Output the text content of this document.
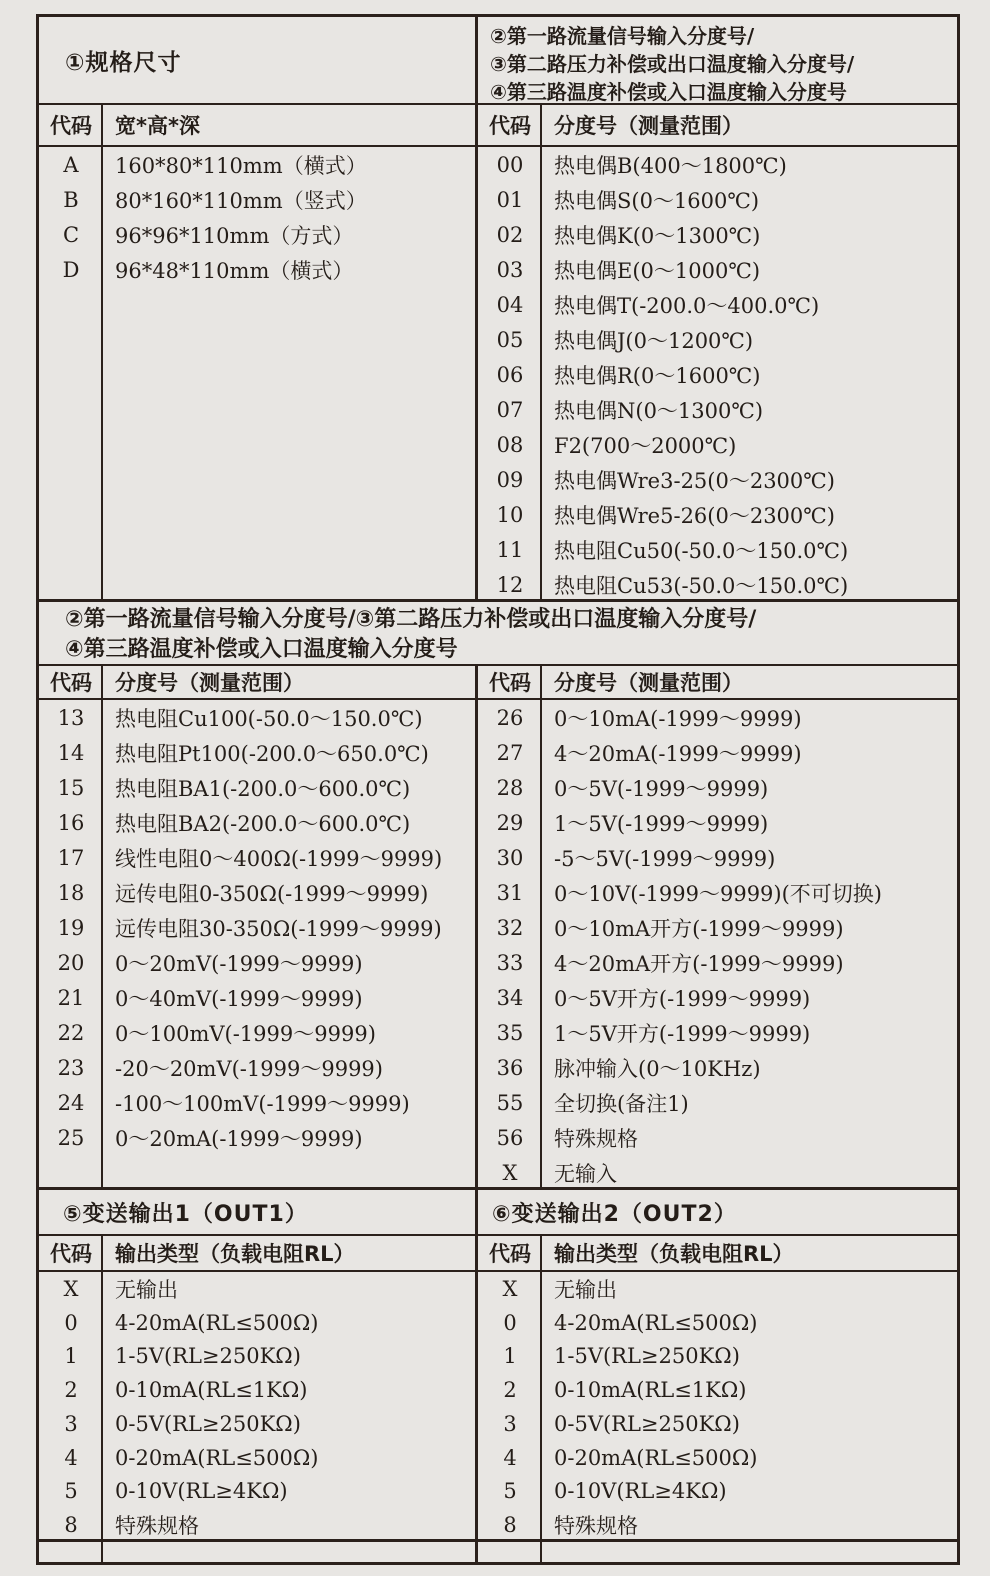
①规格尺寸
②第一路流量信号输入分度号/
③第二路压力补偿或出口温度输入分度号/
④第三路温度补偿或入口温度输入分度号
代码	宽*高*深	代码	分度号（测量范围）
A	160*80*110mm（横式）
B	80*160*110mm（竖式）
C	96*96*110mm（方式）
D	96*48*110mm（横式）
00	热电偶B(400～1800℃)
01	热电偶S(0～1600℃)
02	热电偶K(0～1300℃)
03	热电偶E(0～1000℃)
04	热电偶T(-200.0～400.0℃)
05	热电偶J(0～1200℃)
06	热电偶R(0～1600℃)
07	热电偶N(0～1300℃)
08	F2(700～2000℃)
09	热电偶Wre3-25(0～2300℃)
10	热电偶Wre5-26(0～2300℃)
11	热电阻Cu50(-50.0～150.0℃)
12	热电阻Cu53(-50.0～150.0℃)
②第一路流量信号输入分度号/③第二路压力补偿或出口温度输入分度号/
④第三路温度补偿或入口温度输入分度号
代码	分度号（测量范围）	代码	分度号（测量范围）
13	热电阻Cu100(-50.0～150.0℃)
14	热电阻Pt100(-200.0～650.0℃)
15	热电阻BA1(-200.0～600.0℃)
16	热电阻BA2(-200.0～600.0℃)
17	线性电阻0～400Ω(-1999～9999)
18	远传电阻0-350Ω(-1999～9999)
19	远传电阻30-350Ω(-1999～9999)
20	0～20mV(-1999～9999)
21	0～40mV(-1999～9999)
22	0～100mV(-1999～9999)
23	-20～20mV(-1999～9999)
24	-100～100mV(-1999～9999)
25	0～20mA(-1999～9999)
26	0～10mA(-1999～9999)
27	4～20mA(-1999～9999)
28	0～5V(-1999～9999)
29	1～5V(-1999～9999)
30	-5～5V(-1999～9999)
31	0～10V(-1999～9999)(不可切换)
32	0～10mA开方(-1999～9999)
33	4～20mA开方(-1999～9999)
34	0～5V开方(-1999～9999)
35	1～5V开方(-1999～9999)
36	脉冲输入(0～10KHz)
55	全切换(备注1)
56	特殊规格
X	无输入
⑤变送输出1（OUT1）	⑥变送输出2（OUT2）
代码	输出类型（负载电阻RL）	代码	输出类型（负载电阻RL）
X	无输出
0	4-20mA(RL≤500Ω)
1	1-5V(RL≥250KΩ)
2	0-10mA(RL≤1KΩ)
3	0-5V(RL≥250KΩ)
4	0-20mA(RL≤500Ω)
5	0-10V(RL≥4KΩ)
8	特殊规格
X	无输出
0	4-20mA(RL≤500Ω)
1	1-5V(RL≥250KΩ)
2	0-10mA(RL≤1KΩ)
3	0-5V(RL≥250KΩ)
4	0-20mA(RL≤500Ω)
5	0-10V(RL≥4KΩ)
8	特殊规格
